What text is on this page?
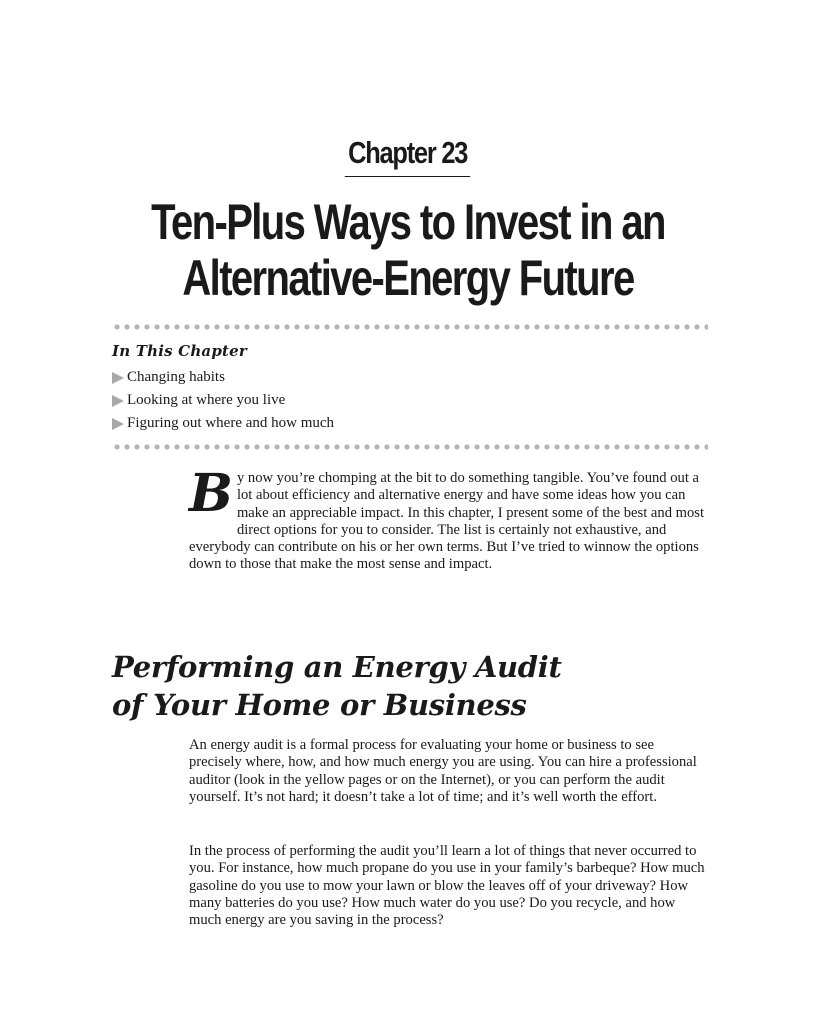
Chapter 23
Ten-Plus Ways to Invest in an
Alternative-Energy Future
In This Chapter
Changing habits
Looking at where you live
Figuring out where and how much

By now you’re chomping at the bit to do something tangible. You’ve found out a lot about efficiency and alternative energy and have some ideas how you can make an appreciable impact. In this chapter, I present some of the best and most direct options for you to consider. The list is certainly not exhaustive, and everybody can contribute on his or her own terms. But I’ve tried to winnow the options down to those that make the most sense and impact.

Performing an Energy Audit
of Your Home or Business

An energy audit is a formal process for evaluating your home or business to see precisely where, how, and how much energy you are using. You can hire a professional auditor (look in the yellow pages or on the Internet), or you can perform the audit yourself. It’s not hard; it doesn’t take a lot of time; and it’s well worth the effort.

In the process of performing the audit you’ll learn a lot of things that never occurred to you. For instance, how much propane do you use in your family’s barbeque? How much gasoline do you use to mow your lawn or blow the leaves off of your driveway? How many batteries do you use? How much water do you use? Do you recycle, and how much energy are you saving in the process?
